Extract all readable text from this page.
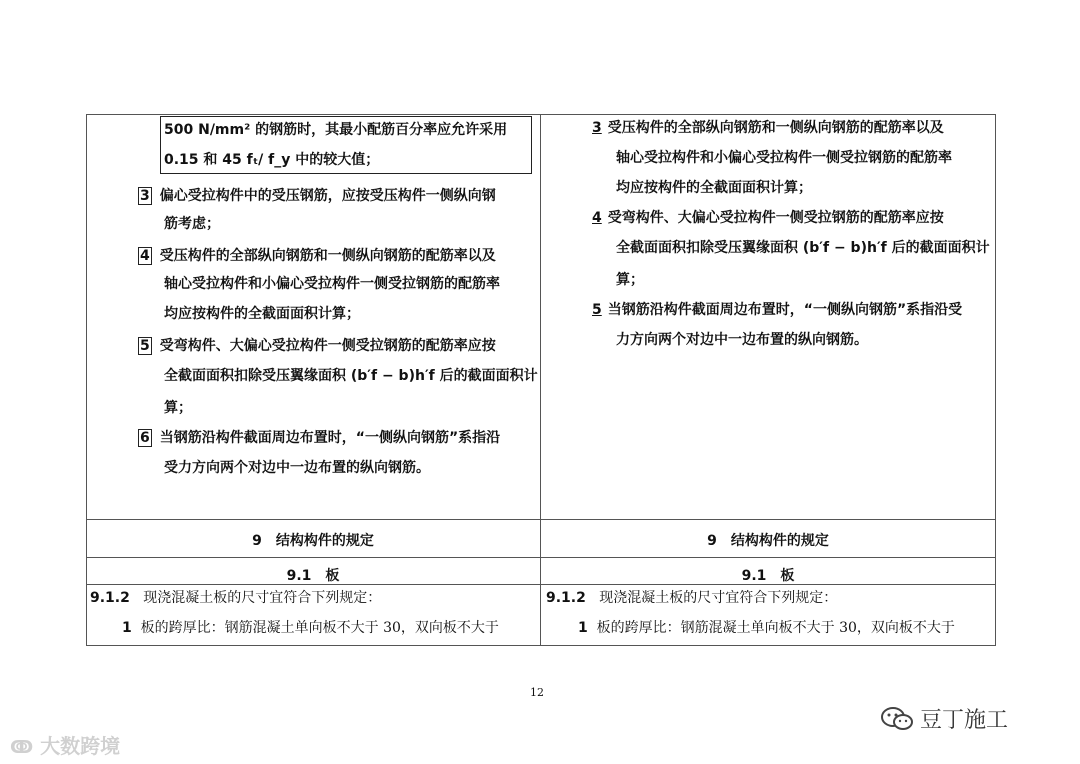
500 N/mm² 的钢筋时，其最小配筋百分率应允许采用
0.15 和 45 fₜ/ f_y 中的较大值；
3 偏心受拉构件中的受压钢筋，应按受压构件一侧纵向钢
筋考虑；
4 受压构件的全部纵向钢筋和一侧纵向钢筋的配筋率以及
轴心受拉构件和小偏心受拉构件一侧受拉钢筋的配筋率
均应按构件的全截面面积计算；
5 受弯构件、大偏心受拉构件一侧受拉钢筋的配筋率应按
全截面面积扣除受压翼缘面积 (b′f − b)h′f 后的截面面积计
算；
6 当钢筋沿构件截面周边布置时，“一侧纵向钢筋”系指沿
受力方向两个对边中一边布置的纵向钢筋。
3 受压构件的全部纵向钢筋和一侧纵向钢筋的配筋率以及
轴心受拉构件和小偏心受拉构件一侧受拉钢筋的配筋率
均应按构件的全截面面积计算；
4 受弯构件、大偏心受拉构件一侧受拉钢筋的配筋率应按
全截面面积扣除受压翼缘面积 (b′f − b)h′f 后的截面面积计
算；
5 当钢筋沿构件截面周边布置时，“一侧纵向钢筋”系指沿受
力方向两个对边中一边布置的纵向钢筋。
9　结构构件的规定	9　结构构件的规定
9.1　板	9.1　板
9.1.2 现浇混凝土板的尺寸宜符合下列规定：
1 板的跨厚比：钢筋混凝土单向板不大于 30，双向板不大于
9.1.2 现浇混凝土板的尺寸宜符合下列规定：
1 板的跨厚比：钢筋混凝土单向板不大于 30，双向板不大于
12
ↂ 大数跨境
豆丁施工
